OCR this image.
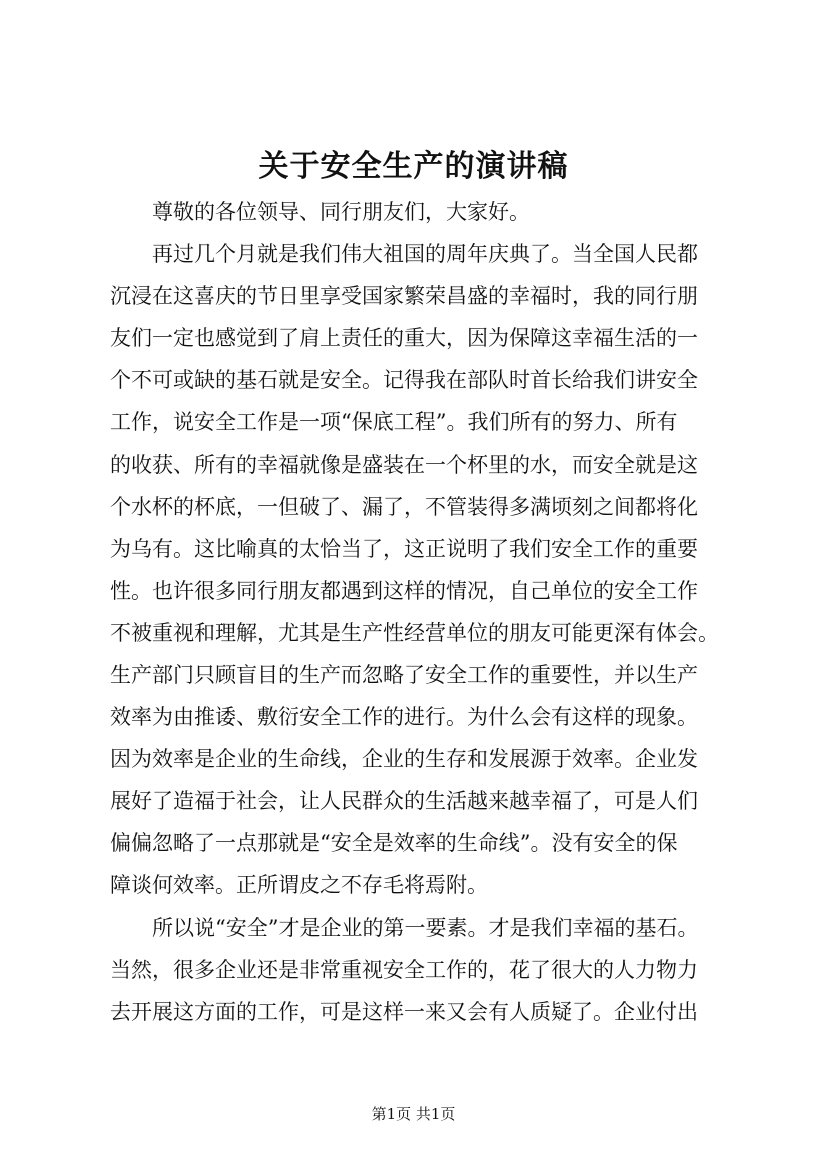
关于安全生产的演讲稿

　　尊敬的各位领导、同行朋友们，大家好。

　　再过几个月就是我们伟大祖国的周年庆典了。当全国人民都

沉浸在这喜庆的节日里享受国家繁荣昌盛的幸福时，我的同行朋

友们一定也感觉到了肩上责任的重大，因为保障这幸福生活的一

个不可或缺的基石就是安全。记得我在部队时首长给我们讲安全

工作，说安全工作是一项“保底工程”。我们所有的努力、所有

的收获、所有的幸福就像是盛装在一个杯里的水，而安全就是这

个水杯的杯底，一但破了、漏了，不管装得多满顷刻之间都将化

为乌有。这比喻真的太恰当了，这正说明了我们安全工作的重要

性。也许很多同行朋友都遇到这样的情况，自己单位的安全工作

不被重视和理解，尤其是生产性经营单位的朋友可能更深有体会。

生产部门只顾盲目的生产而忽略了安全工作的重要性，并以生产

效率为由推诿、敷衍安全工作的进行。为什么会有这样的现象。

因为效率是企业的生命线，企业的生存和发展源于效率。企业发

展好了造福于社会，让人民群众的生活越来越幸福了，可是人们

偏偏忽略了一点那就是“安全是效率的生命线”。没有安全的保

障谈何效率。正所谓皮之不存毛将焉附。

　　所以说“安全”才是企业的第一要素。才是我们幸福的基石。

当然，很多企业还是非常重视安全工作的，花了很大的人力物力

去开展这方面的工作，可是这样一来又会有人质疑了。企业付出

第1页 共1页
